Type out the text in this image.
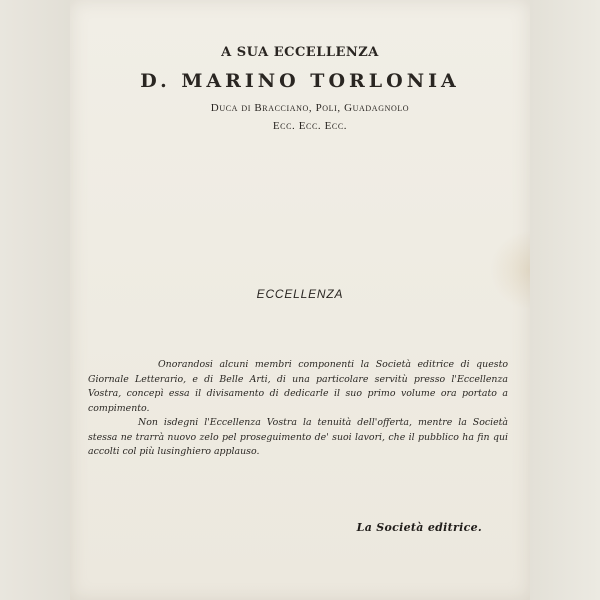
A SUA ECCELLENZA
D. MARINO TORLONIA
Duca di Bracciano, Poli, Guadagnolo
Ecc. Ecc. Ecc.
ECCELLENZA

Onorandosi alcuni membri componenti la Società editrice di questo Giornale Letterario, e di Belle Arti, di una particolare servitù presso l'Eccellenza Vostra, concepì essa il divisamento di dedicarle il suo primo volume ora portato a compimento.

Non isdegni l'Eccellenza Vostra la tenuità dell'offerta, mentre la Società stessa ne trarrà nuovo zelo pel proseguimento de' suoi lavori, che il pubblico ha fin qui accolti col più lusinghiero applauso.

La Società editrice.
